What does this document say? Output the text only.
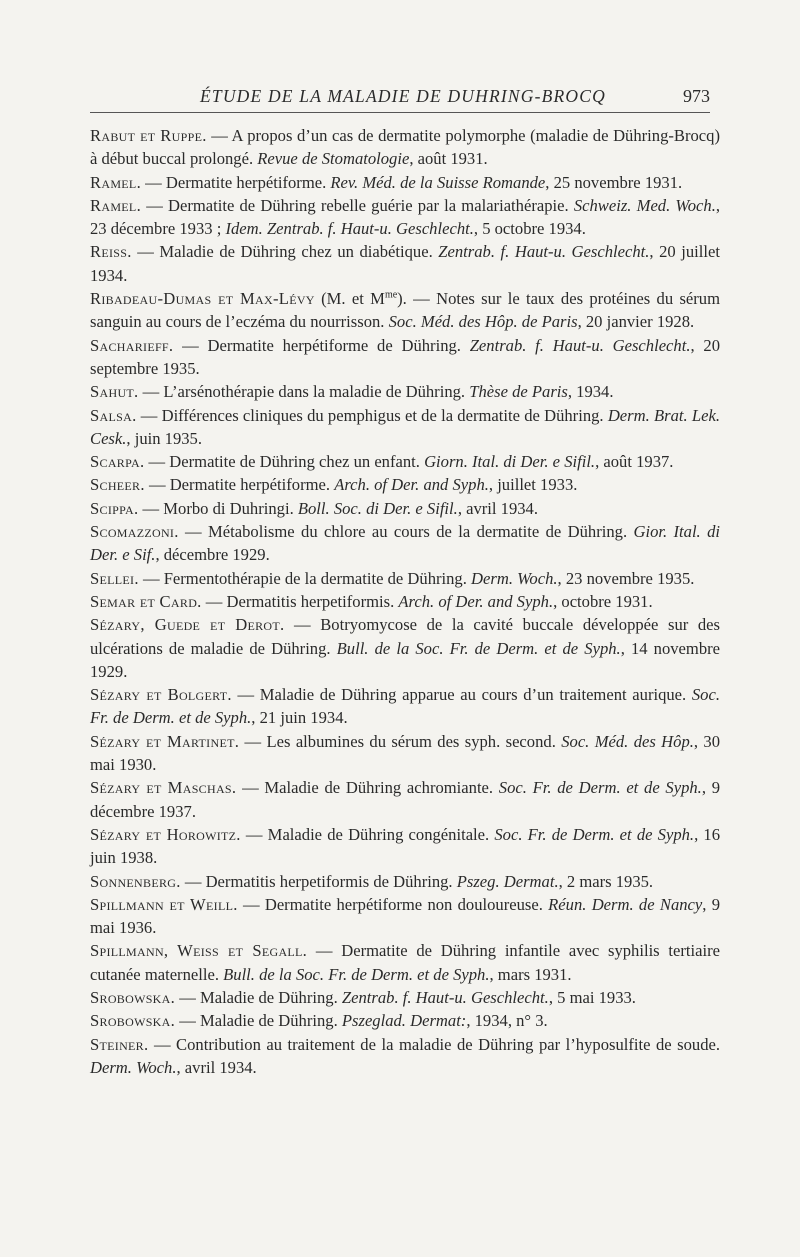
ÉTUDE DE LA MALADIE DE DUHRING-BROCQ	973

Rabut et Ruppe. — A propos d’un cas de dermatite polymorphe (maladie de Dühring-Brocq) à début buccal prolongé. Revue de Stomatologie, août 1931.

Ramel. — Dermatite herpétiforme. Rev. Méd. de la Suisse Romande, 25 novembre 1931.

Ramel. — Dermatite de Dühring rebelle guérie par la malariathérapie. Schweiz. Med. Woch., 23 décembre 1933 ; Idem. Zentrab. f. Haut-u. Geschlecht., 5 octobre 1934.

Reiss. — Maladie de Dühring chez un diabétique. Zentrab. f. Haut-u. Geschlecht., 20 juillet 1934.

Ribadeau-Dumas et Max-Lévy (M. et $M^{me}$). — Notes sur le taux des protéines du sérum sanguin au cours de l’eczéma du nourrisson. Soc. Méd. des Hôp. de Paris, 20 janvier 1928.

Sacharieff. — Dermatite herpétiforme de Dühring. Zentrab. f. Haut-u. Geschlecht., 20 septembre 1935.

Sahut. — L’arsénothérapie dans la maladie de Dühring. Thèse de Paris, 1934.

Salsa. — Différences cliniques du pemphigus et de la dermatite de Dühring. Derm. Brat. Lek. Cesk., juin 1935.

Scarpa. — Dermatite de Dühring chez un enfant. Giorn. Ital. di Der. e Sifil., août 1937.

Scheer. — Dermatite herpétiforme. Arch. of Der. and Syph., juillet 1933.

Scippa. — Morbo di Duhringi. Boll. Soc. di Der. e Sifil., avril 1934.

Scomazzoni. — Métabolisme du chlore au cours de la dermatite de Dühring. Gior. Ital. di Der. e Sif., décembre 1929.

Sellei. — Fermentothérapie de la dermatite de Dühring. Derm. Woch., 23 novembre 1935.

Semar et Card. — Dermatitis herpetiformis. Arch. of Der. and Syph., octobre 1931.

Sézary, Guede et Derot. — Botryomycose de la cavité buccale développée sur des ulcérations de maladie de Dühring. Bull. de la Soc. Fr. de Derm. et de Syph., 14 novembre 1929.

Sézary et Bolgert. — Maladie de Dühring apparue au cours d’un traitement aurique. Soc. Fr. de Derm. et de Syph., 21 juin 1934.

Sézary et Martinet. — Les albumines du sérum des syph. second. Soc. Méd. des Hôp., 30 mai 1930.

Sézary et Maschas. — Maladie de Dühring achromiante. Soc. Fr. de Derm. et de Syph., 9 décembre 1937.

Sézary et Horowitz. — Maladie de Dühring congénitale. Soc. Fr. de Derm. et de Syph., 16 juin 1938.

Sonnenberg. — Dermatitis herpetiformis de Dühring. Pszeg. Dermat., 2 mars 1935.

Spillmann et Weill. — Dermatite herpétiforme non douloureuse. Réun. Derm. de Nancy, 9 mai 1936.

Spillmann, Weiss et Segall. — Dermatite de Dühring infantile avec syphilis tertiaire cutanée maternelle. Bull. de la Soc. Fr. de Derm. et de Syph., mars 1931.

Srobowska. — Maladie de Dühring. Zentrab. f. Haut-u. Geschlecht., 5 mai 1933.

Srobowska. — Maladie de Dühring. Pszeglad. Dermat:, 1934, n° 3.

Steiner. — Contribution au traitement de la maladie de Dühring par l’hyposulfite de soude. Derm. Woch., avril 1934.
